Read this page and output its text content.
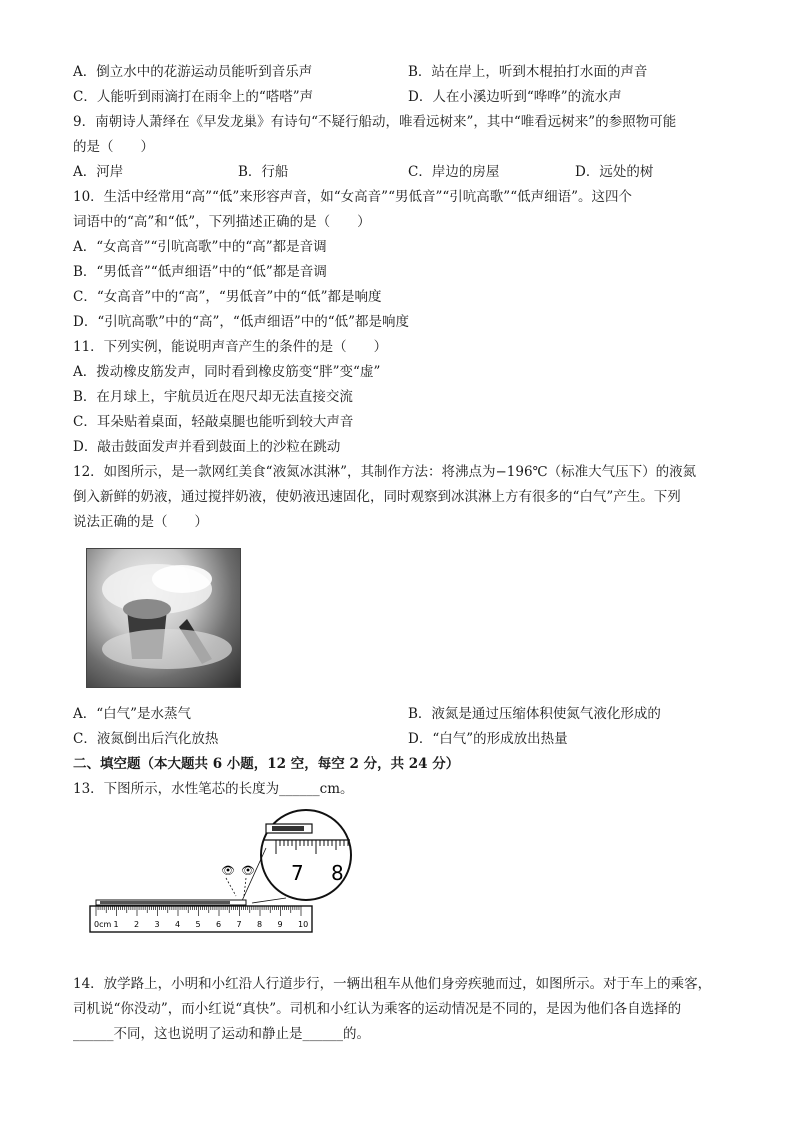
A．倒立水中的花游运动员能听到音乐声	B．站在岸上，听到木棍拍打水面的声音
C．人能听到雨滴打在雨伞上的“嗒嗒”声	D．人在小溪边听到“哗哗”的流水声
9．南朝诗人萧绎在《早发龙巢》有诗句“不疑行船动，唯看远树来”，其中“唯看远树来”的参照物可能
的是（　　）
A．河岸	B．行船	C．岸边的房屋	D．远处的树
10．生活中经常用“高”“低”来形容声音，如“女高音”“男低音”“引吭高歌”“低声细语”。这四个
词语中的“高”和“低”，下列描述正确的是（　　）
A．“女高音”“引吭高歌”中的“高”都是音调
B．“男低音”“低声细语”中的“低”都是音调
C．“女高音”中的“高”，“男低音”中的“低”都是响度
D．“引吭高歌”中的“高”，“低声细语”中的“低”都是响度
11．下列实例，能说明声音产生的条件的是（　　）
A．拨动橡皮筋发声，同时看到橡皮筋变“胖”变“虚”
B．在月球上，宇航员近在咫尺却无法直接交流
C．耳朵贴着桌面，轻敲桌腿也能听到较大声音
D．敲击鼓面发声并看到鼓面上的沙粒在跳动
12．如图所示，是一款网红美食“液氮冰淇淋”，其制作方法：将沸点为−196℃（标准大气压下）的液氮
倒入新鲜的奶液，通过搅拌奶液，使奶液迅速固化，同时观察到冰淇淋上方有很多的“白气”产生。下列
说法正确的是（　　）
A．“白气”是水蒸气	B．液氮是通过压缩体积使氮气液化形成的
C．液氮倒出后汽化放热	D．“白气”的形成放出热量
二、填空题（本大题共 6 小题，12 空，每空 2 分，共 24 分）
13．下图所示，水性笔芯的长度为______cm。
7 8
👁 👁
0cm 1 2 3 4 5 6 7 8 9 10
14．放学路上，小明和小红沿人行道步行，一辆出租车从他们身旁疾驰而过，如图所示。对于车上的乘客，
司机说“你没动”，而小红说“真快”。司机和小红认为乘客的运动情况是不同的，是因为他们各自选择的
______不同，这也说明了运动和静止是______的。
